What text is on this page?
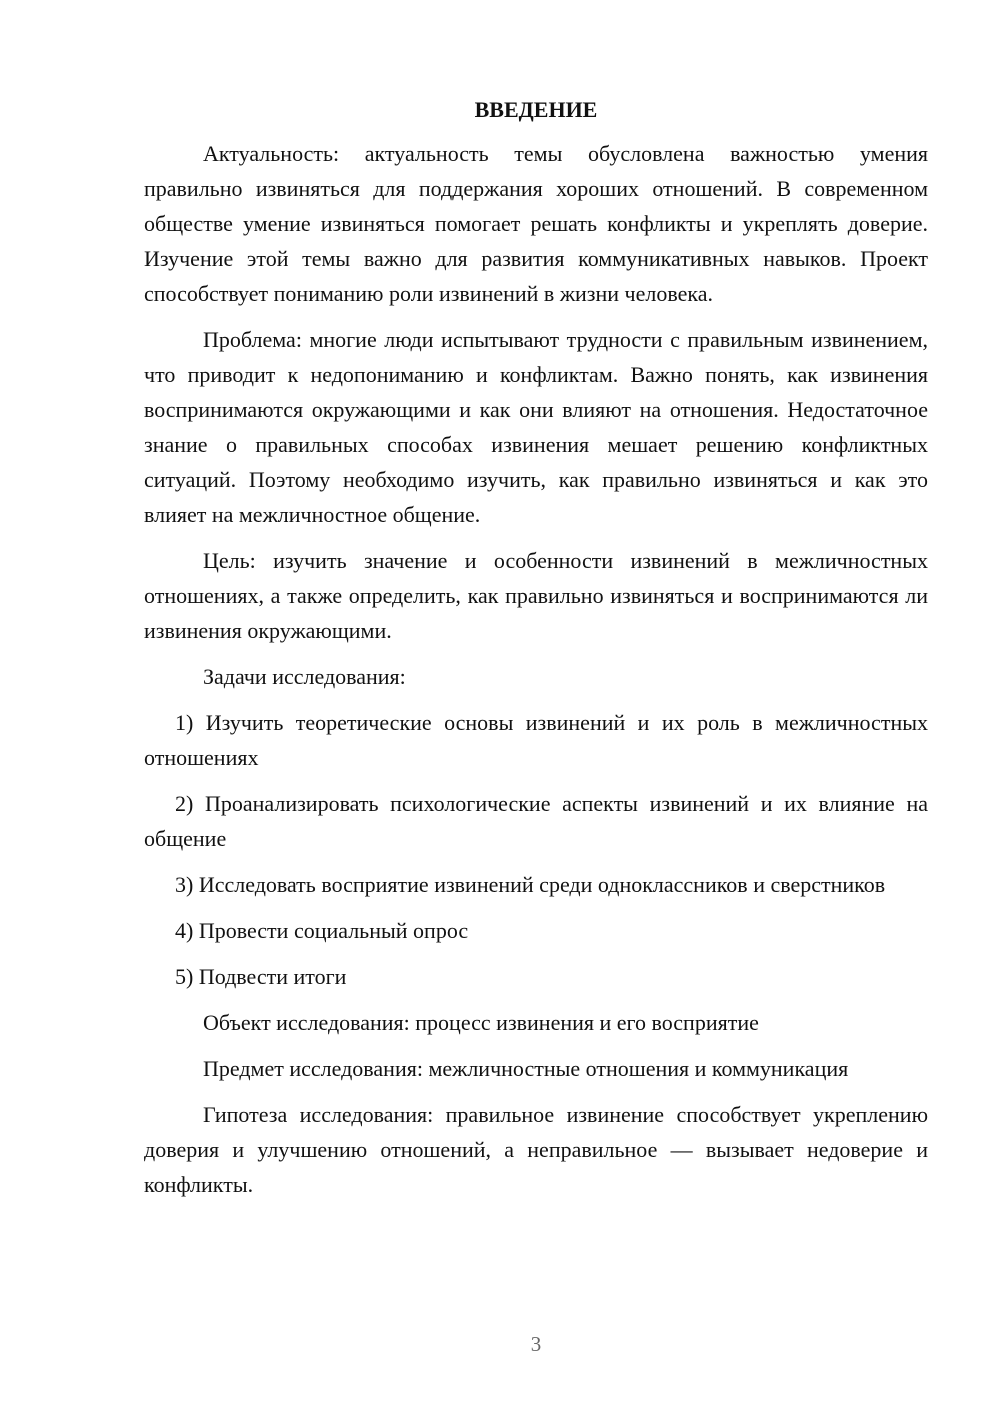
ВВЕДЕНИЕ

Актуальность: актуальность темы обусловлена важностью умения правильно извиняться для поддержания хороших отношений. В современном обществе умение извиняться помогает решать конфликты и укреплять доверие. Изучение этой темы важно для развития коммуникативных навыков. Проект способствует пониманию роли извинений в жизни человека.

Проблема: многие люди испытывают трудности с правильным извинением, что приводит к недопониманию и конфликтам. Важно понять, как извинения воспринимаются окружающими и как они влияют на отношения. Недостаточное знание о правильных способах извинения мешает решению конфликтных ситуаций. Поэтому необходимо изучить, как правильно извиняться и как это влияет на межличностное общение.

Цель: изучить значение и особенности извинений в межличностных отношениях, а также определить, как правильно извиняться и воспринимаются ли извинения окружающими.

Задачи исследования:

1) Изучить теоретические основы извинений и их роль в межличностных отношениях

2) Проанализировать психологические аспекты извинений и их влияние на общение

3) Исследовать восприятие извинений среди одноклассников и сверстников

4) Провести социальный опрос

5) Подвести итоги

Объект исследования: процесс извинения и его восприятие

Предмет исследования: межличностные отношения и коммуникация

Гипотеза исследования: правильное извинение способствует укреплению доверия и улучшению отношений, а неправильное — вызывает недоверие и конфликты.

3
